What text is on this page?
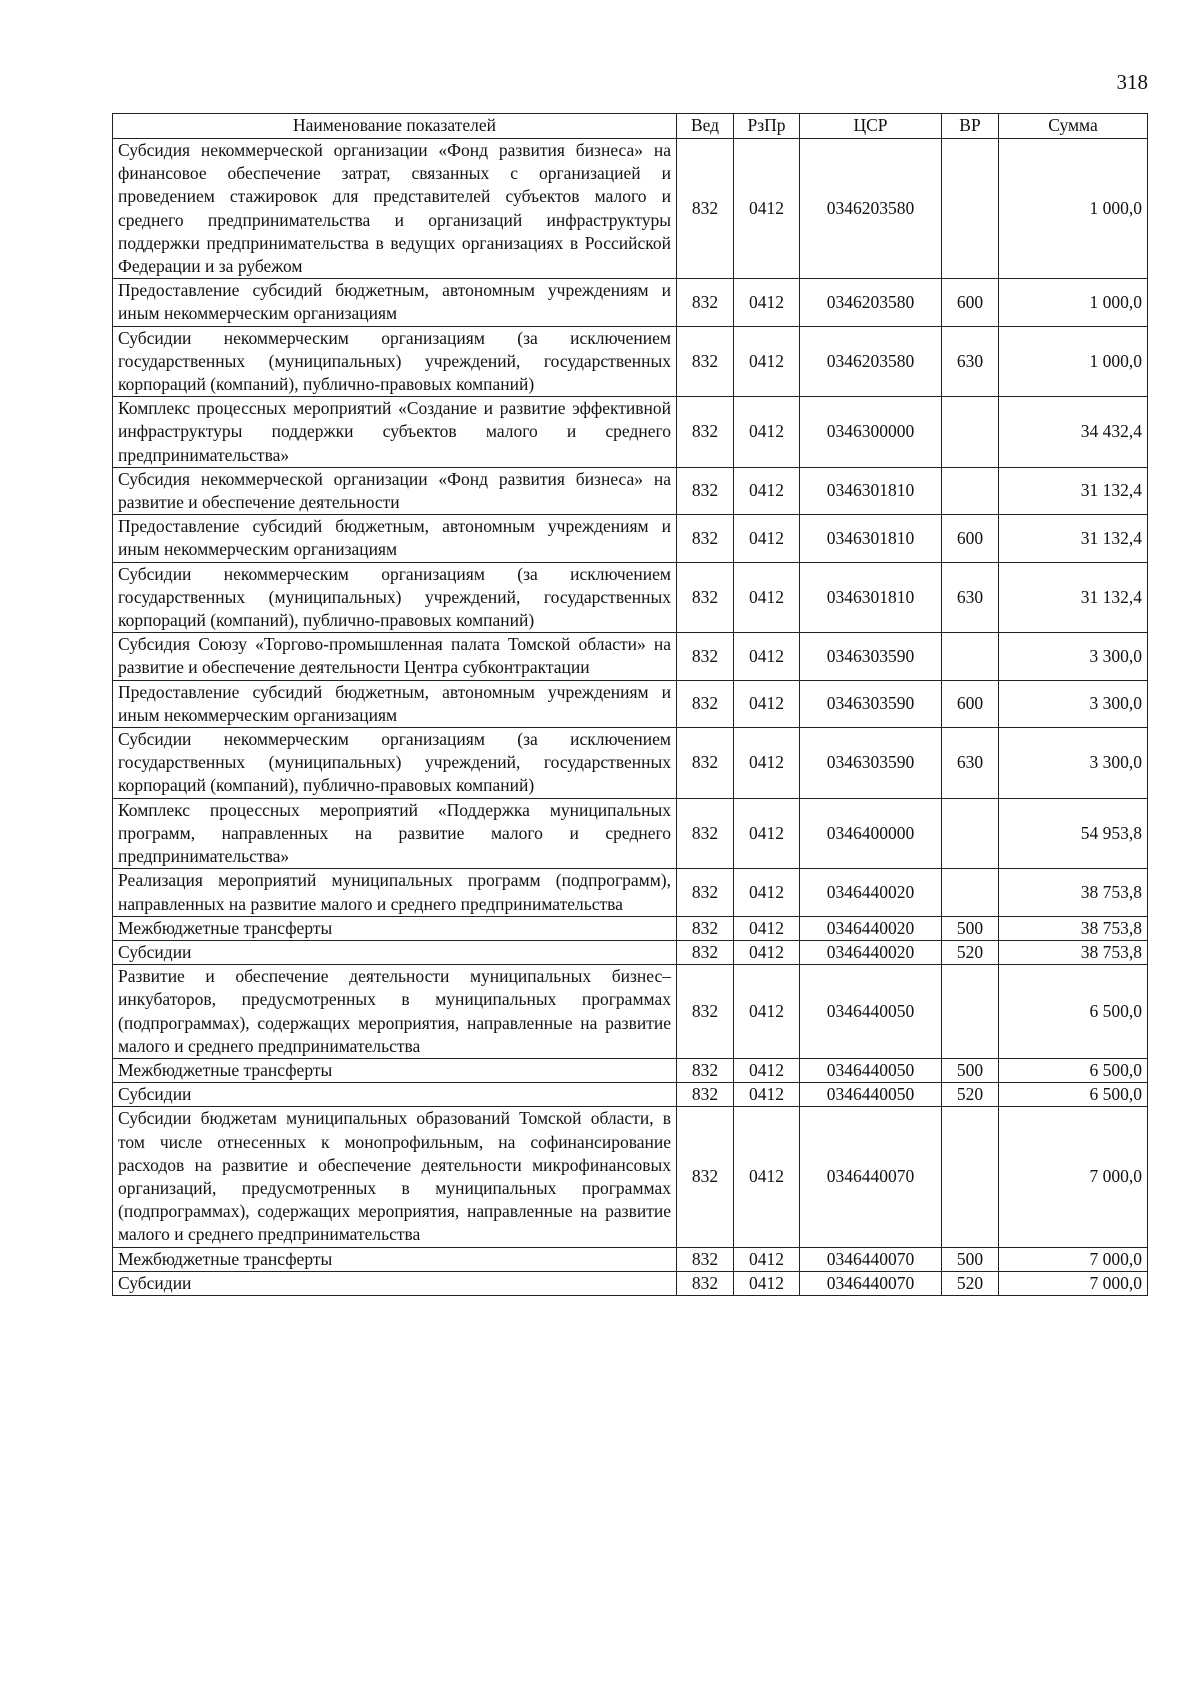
318
Наименование показателей	Вед	РзПр	ЦСР	ВР	Сумма
Субсидия некоммерческой организации «Фонд развития бизнеса» на финансовое обеспечение затрат, связанных с организацией и проведением стажировок для представителей субъектов малого и среднего предпринимательства и организаций инфраструктуры поддержки предпринимательства в ведущих организациях в Российской Федерации и за рубежом	832	0412	0346203580		1 000,0
Предоставление субсидий бюджетным, автономным учреждениям и иным некоммерческим организациям	832	0412	0346203580	600	1 000,0
Субсидии некоммерческим организациям (за исключением государственных (муниципальных) учреждений, государственных корпораций (компаний), публично-правовых компаний)	832	0412	0346203580	630	1 000,0
Комплекс процессных мероприятий «Создание и развитие эффективной инфраструктуры поддержки субъектов малого и среднего предпринимательства»	832	0412	0346300000		34 432,4
Субсидия некоммерческой организации «Фонд развития бизнеса» на развитие и обеспечение деятельности	832	0412	0346301810		31 132,4
Предоставление субсидий бюджетным, автономным учреждениям и иным некоммерческим организациям	832	0412	0346301810	600	31 132,4
Субсидии некоммерческим организациям (за исключением государственных (муниципальных) учреждений, государственных корпораций (компаний), публично-правовых компаний)	832	0412	0346301810	630	31 132,4
Субсидия Союзу «Торгово-промышленная палата Томской области» на развитие и обеспечение деятельности Центра субконтрактации	832	0412	0346303590		3 300,0
Предоставление субсидий бюджетным, автономным учреждениям и иным некоммерческим организациям	832	0412	0346303590	600	3 300,0
Субсидии некоммерческим организациям (за исключением государственных (муниципальных) учреждений, государственных корпораций (компаний), публично-правовых компаний)	832	0412	0346303590	630	3 300,0
Комплекс процессных мероприятий «Поддержка муниципальных программ, направленных на развитие малого и среднего предпринимательства»	832	0412	0346400000		54 953,8
Реализация мероприятий муниципальных программ (подпрограмм), направленных на развитие малого и среднего предпринимательства	832	0412	0346440020		38 753,8
Межбюджетные трансферты	832	0412	0346440020	500	38 753,8
Субсидии	832	0412	0346440020	520	38 753,8
Развитие и обеспечение деятельности муниципальных бизнес–инкубаторов, предусмотренных в муниципальных программах (подпрограммах), содержащих мероприятия, направленные на развитие малого и среднего предпринимательства	832	0412	0346440050		6 500,0
Межбюджетные трансферты	832	0412	0346440050	500	6 500,0
Субсидии	832	0412	0346440050	520	6 500,0
Субсидии бюджетам муниципальных образований Томской области, в том числе отнесенных к монопрофильным, на софинансирование расходов на развитие и обеспечение деятельности микрофинансовых организаций, предусмотренных в муниципальных программах (подпрограммах), содержащих мероприятия, направленные на развитие малого и среднего предпринимательства	832	0412	0346440070		7 000,0
Межбюджетные трансферты	832	0412	0346440070	500	7 000,0
Субсидии	832	0412	0346440070	520	7 000,0
